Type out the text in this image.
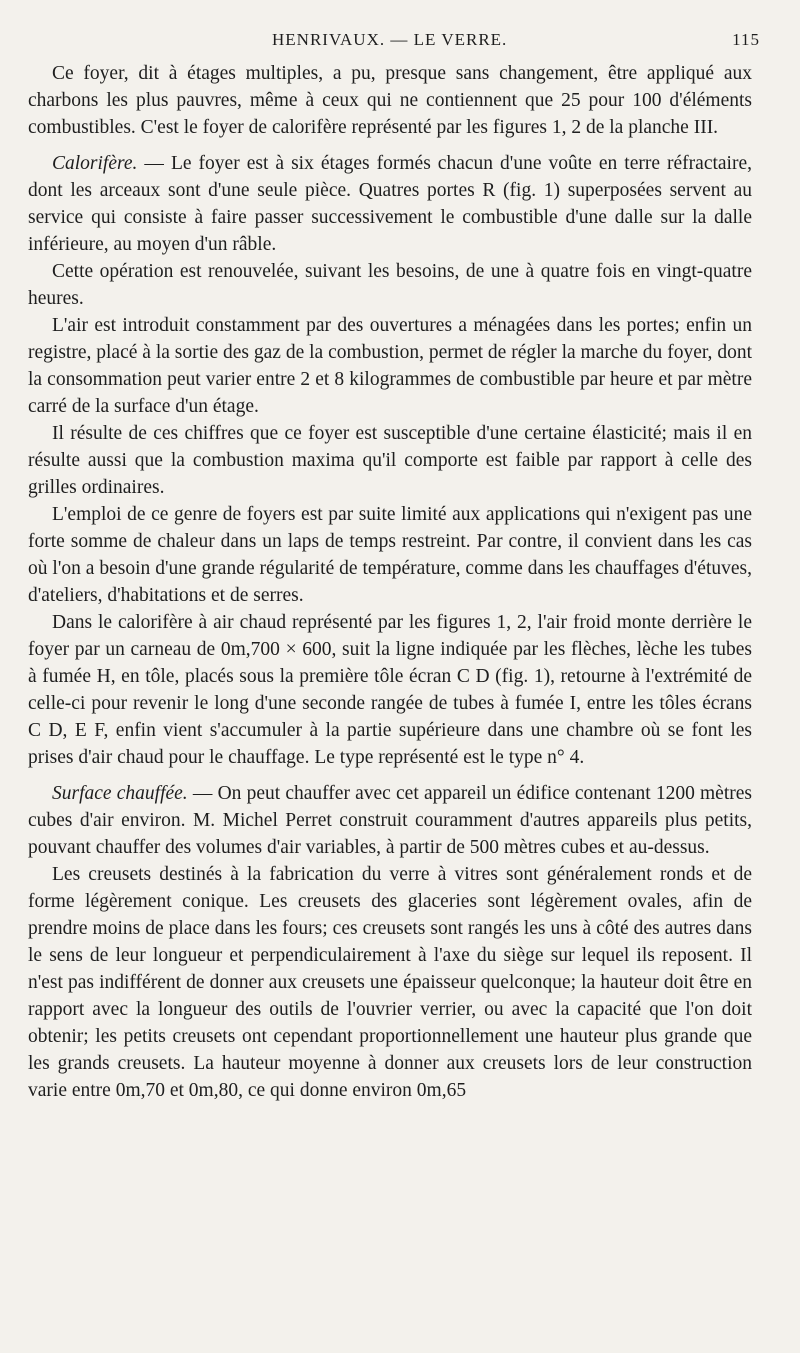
HENRIVAUX. — LE VERRE.	115

Ce foyer, dit à étages multiples, a pu, presque sans changement, être appliqué aux charbons les plus pauvres, même à ceux qui ne contiennent que 25 pour 100 d'éléments combustibles. C'est le foyer de calorifère représenté par les figures 1, 2 de la planche III.

Calorifère. — Le foyer est à six étages formés chacun d'une voûte en terre réfractaire, dont les arceaux sont d'une seule pièce. Quatres portes R (fig. 1) superposées servent au service qui consiste à faire passer successivement le combustible d'une dalle sur la dalle inférieure, au moyen d'un râble.

Cette opération est renouvelée, suivant les besoins, de une à quatre fois en vingt-quatre heures.

L'air est introduit constamment par des ouvertures a ménagées dans les portes; enfin un registre, placé à la sortie des gaz de la combustion, permet de régler la marche du foyer, dont la consommation peut varier entre 2 et 8 kilogrammes de combustible par heure et par mètre carré de la surface d'un étage.

Il résulte de ces chiffres que ce foyer est susceptible d'une certaine élasticité; mais il en résulte aussi que la combustion maxima qu'il comporte est faible par rapport à celle des grilles ordinaires.

L'emploi de ce genre de foyers est par suite limité aux applications qui n'exigent pas une forte somme de chaleur dans un laps de temps restreint. Par contre, il convient dans les cas où l'on a besoin d'une grande régularité de température, comme dans les chauffages d'étuves, d'ateliers, d'habitations et de serres.

Dans le calorifère à air chaud représenté par les figures 1, 2, l'air froid monte derrière le foyer par un carneau de 0m,700 × 600, suit la ligne indiquée par les flèches, lèche les tubes à fumée H, en tôle, placés sous la première tôle écran C D (fig. 1), retourne à l'extrémité de celle-ci pour revenir le long d'une seconde rangée de tubes à fumée I, entre les tôles écrans C D, E F, enfin vient s'accumuler à la partie supérieure dans une chambre où se font les prises d'air chaud pour le chauffage. Le type représenté est le type n° 4.

Surface chauffée. — On peut chauffer avec cet appareil un édifice contenant 1200 mètres cubes d'air environ. M. Michel Perret construit couramment d'autres appareils plus petits, pouvant chauffer des volumes d'air variables, à partir de 500 mètres cubes et au-dessus.

Les creusets destinés à la fabrication du verre à vitres sont généralement ronds et de forme légèrement conique. Les creusets des glaceries sont légèrement ovales, afin de prendre moins de place dans les fours; ces creusets sont rangés les uns à côté des autres dans le sens de leur longueur et perpendiculairement à l'axe du siège sur lequel ils reposent. Il n'est pas indifférent de donner aux creusets une épaisseur quelconque; la hauteur doit être en rapport avec la longueur des outils de l'ouvrier verrier, ou avec la capacité que l'on doit obtenir; les petits creusets ont cependant proportionnellement une hauteur plus grande que les grands creusets. La hauteur moyenne à donner aux creusets lors de leur construction varie entre 0m,70 et 0m,80, ce qui donne environ 0m,65
